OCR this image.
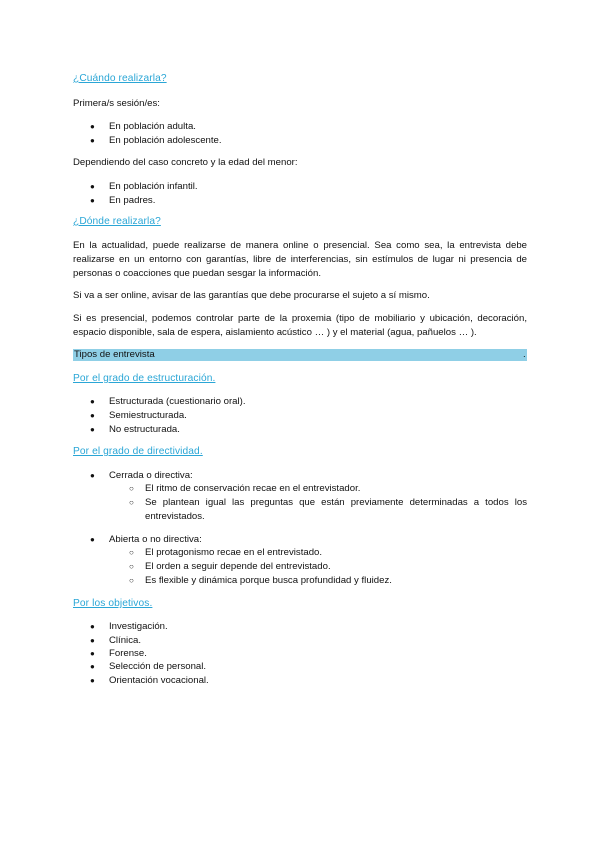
¿Cuándo realizarla?
Primera/s sesión/es:
● En población adulta.
● En población adolescente.
Dependiendo del caso concreto y la edad del menor:
● En población infantil.
● En padres.
¿Dónde realizarla?
En la actualidad, puede realizarse de manera online o presencial. Sea como sea, la entrevista debe
realizarse en un entorno con garantías, libre de interferencias, sin estímulos de lugar ni presencia de
personas o coacciones que puedan sesgar la información.
Si va a ser online, avisar de las garantías que debe procurarse el sujeto a sí mismo.
Si es presencial, podemos controlar parte de la proxemia (tipo de mobiliario y ubicación, decoración,
espacio disponible, sala de espera, aislamiento acústico … ) y el material (agua, pañuelos … ).
Tipos de entrevista	.
Por el grado de estructuración.
● Estructurada (cuestionario oral).
● Semiestructurada.
● No estructurada.
Por el grado de directividad.
● Cerrada o directiva:
○ El ritmo de conservación recae en el entrevistador.
○ Se plantean igual las preguntas que están previamente determinadas a todos los
entrevistados.
● Abierta o no directiva:
○ El protagonismo recae en el entrevistado.
○ El orden a seguir depende del entrevistado.
○ Es flexible y dinámica porque busca profundidad y fluidez.
Por los objetivos.
● Investigación.
● Clínica.
● Forense.
● Selección de personal.
● Orientación vocacional.
